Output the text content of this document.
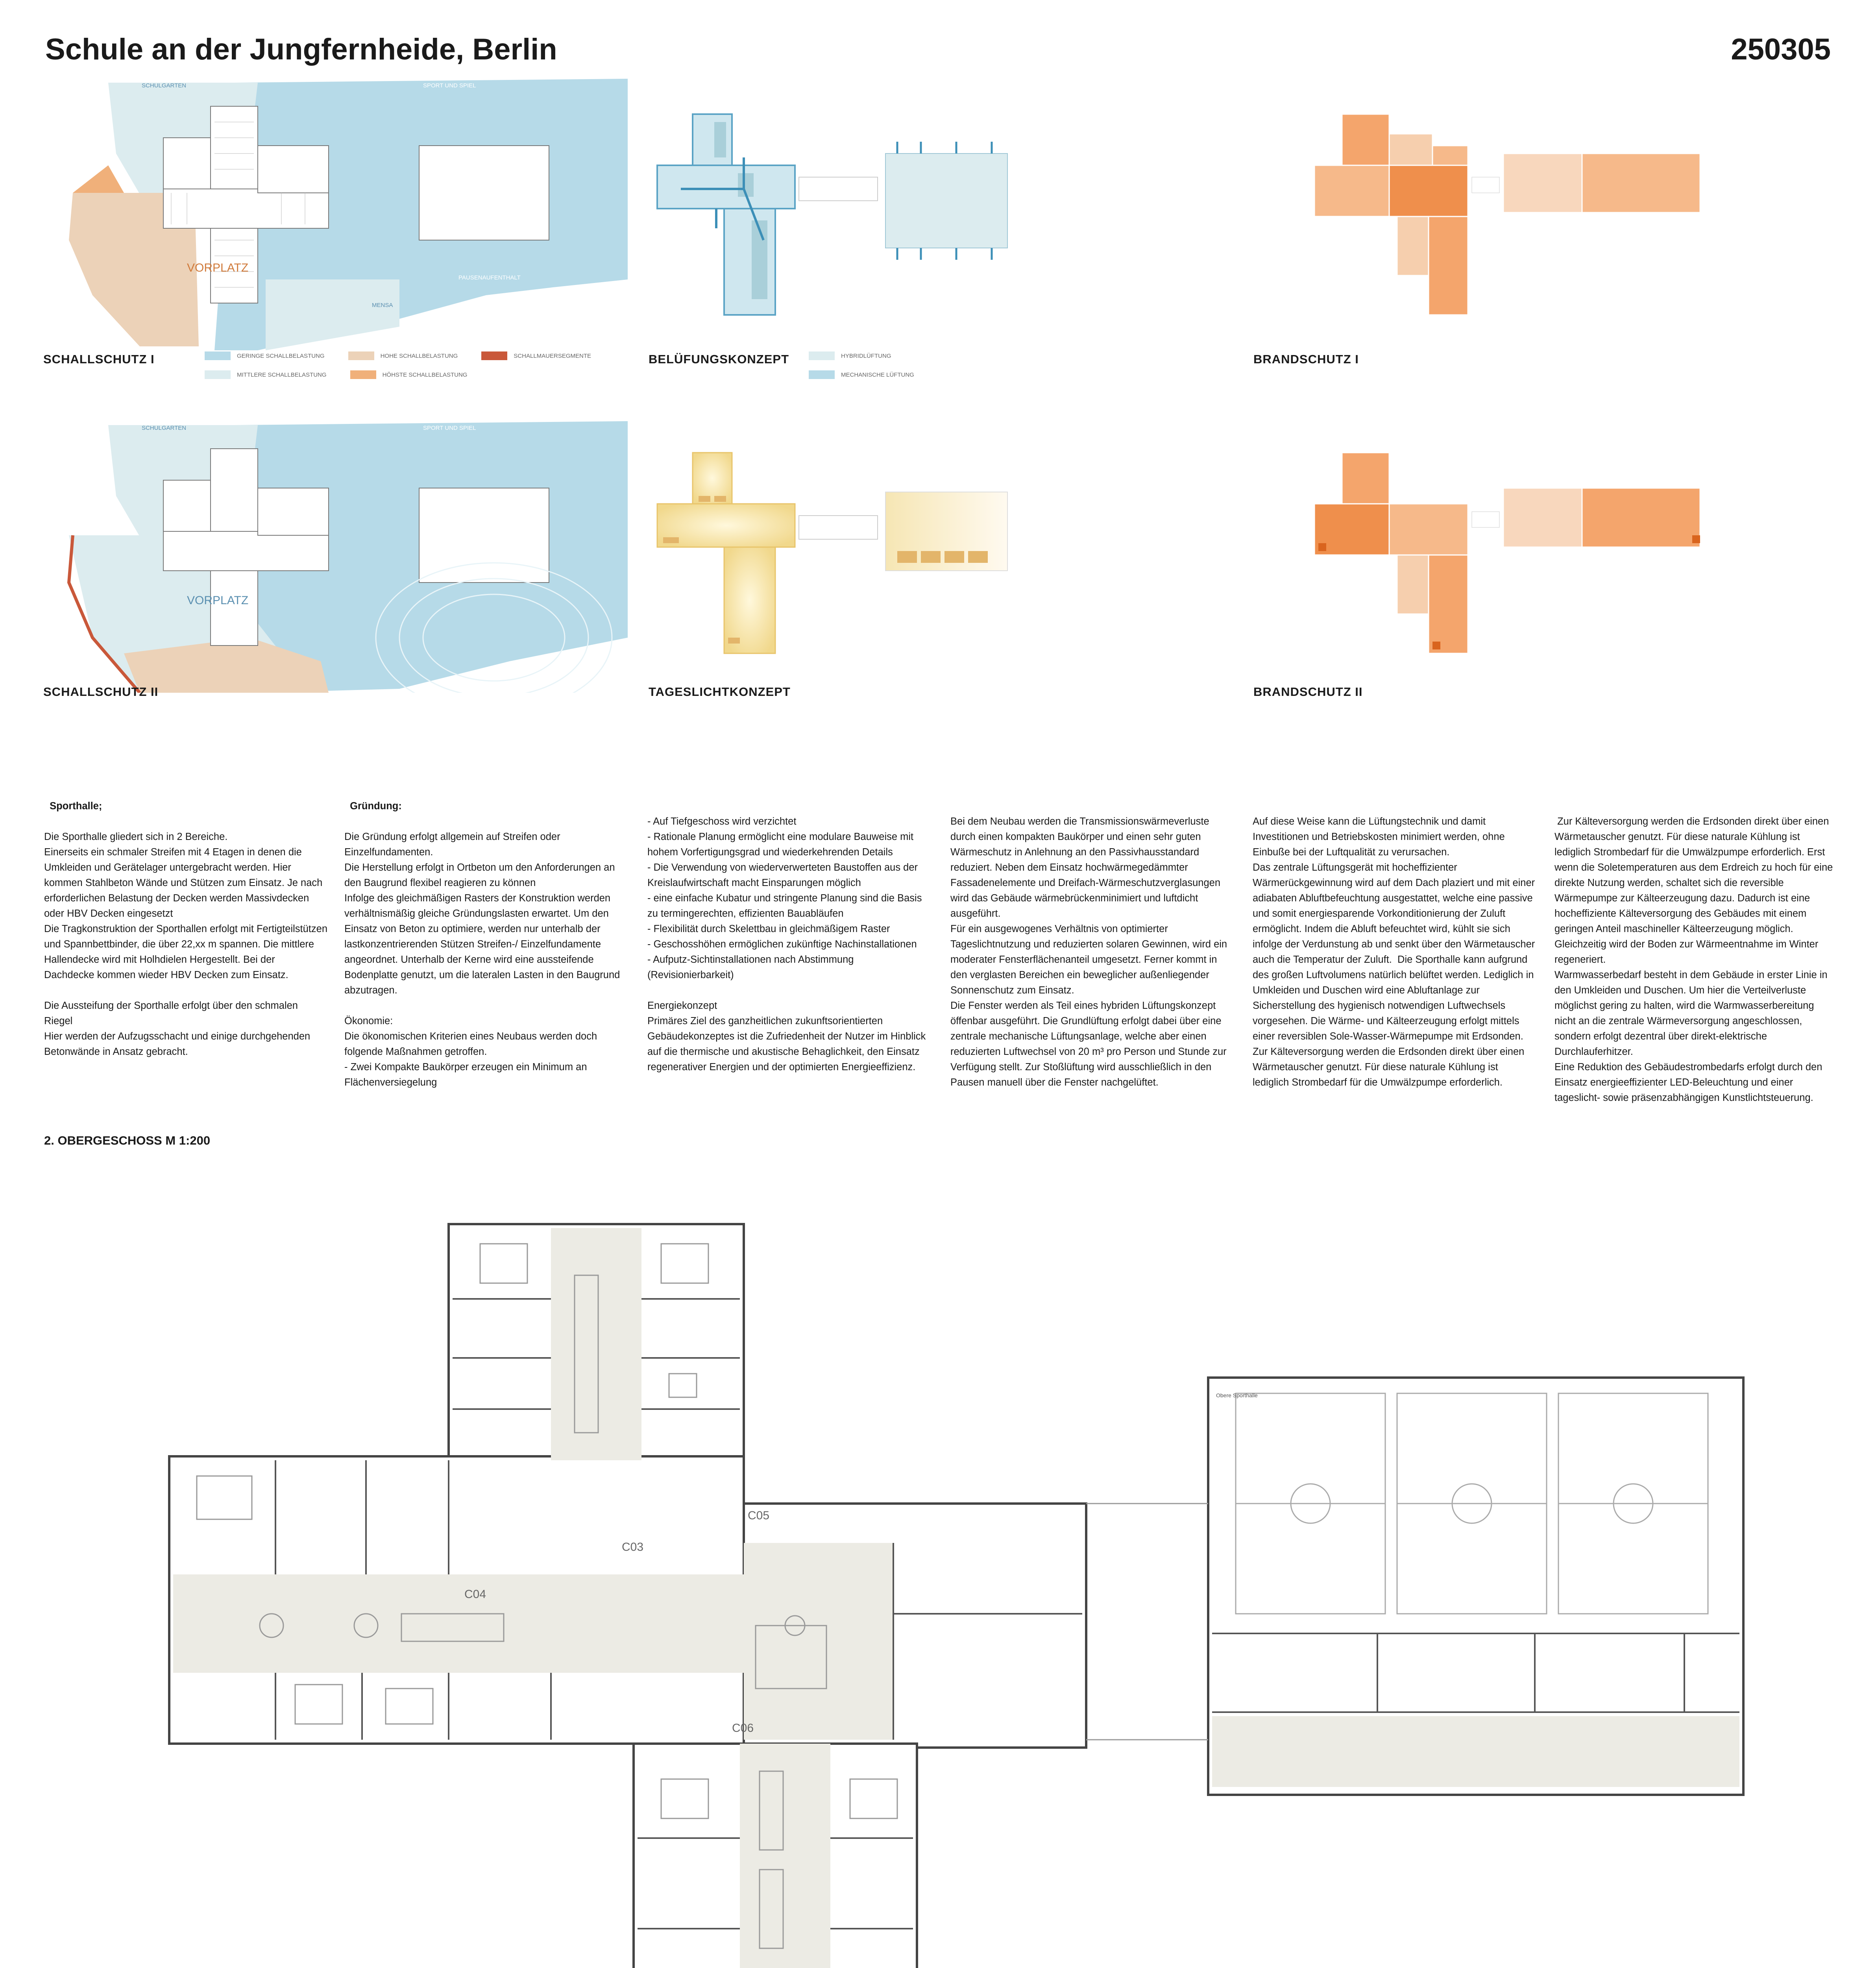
Schule an der Jungfernheide, Berlin	250305
SCHULGARTEN	SPORT UND SPIEL
VORPLATZ
PAUSENAUFENTHALT
MENSA
SCHALLSCHUTZ I	GERINGE SCHALLBELASTUNG	HOHE SCHALLBELASTUNG	SCHALLMAUERSEGMENTE
MITTLERE SCHALLBELASTUNG	HÖHSTE SCHALLBELASTUNG
BELÜFUNGSKONZEPT	HYBRIDLÜFTUNG
MECHANISCHE LÜFTUNG
BRANDSCHUTZ I
SCHULGARTEN	SPORT UND SPIEL
VORPLATZ
SCHALLSCHUTZ II	TAGESLICHTKONZEPT	BRANDSCHUTZ II

Sporthalle;

Die Sporthalle gliedert sich in 2 Bereiche.
Einerseits ein schmaler Streifen mit 4 Etagen in denen die Umkleiden und Gerätelager untergebracht werden. Hier kommen Stahlbeton Wände und Stützen zum Einsatz. Je nach erforderlichen Belastung der Decken werden Massivdecken oder HBV Decken eingesetzt
Die Tragkonstruktion der Sporthallen erfolgt mit Fertigteilstützen und Spannbettbinder, die über 22,xx m spannen. Die mittlere Hallendecke wird mit Holhdielen Hergestellt. Bei der Dachdecke kommen wieder HBV Decken zum Einsatz.

Die Aussteifung der Sporthalle erfolgt über den schmalen Riegel
Hier werden der Aufzugsschacht und einige durchgehenden Betonwände in Ansatz gebracht.

Gründung:

Die Gründung erfolgt allgemein auf Streifen oder Einzelfundamenten.
Die Herstellung erfolgt in Ortbeton um den Anforderungen an den Baugrund flexibel reagieren zu können
Infolge des gleichmäßigen Rasters der Konstruktion werden verhältnismäßig gleiche Gründungslasten erwartet. Um den Einsatz von Beton zu optimiere, werden nur unterhalb der lastkonzentrierenden Stützen Streifen-/ Einzelfundamente angeordnet. Unterhalb der Kerne wird eine aussteifende Bodenplatte genutzt, um die lateralen Lasten in den Baugrund abzutragen.

Ökonomie:
Die ökonomischen Kriterien eines Neubaus werden doch folgende Maßnahmen getroffen.
- Zwei Kompakte Baukörper erzeugen ein Minimum an Flächenversiegelung

- Auf Tiefgeschoss wird verzichtet
- Rationale Planung ermöglicht eine modulare Bauweise mit hohem Vorfertigungsgrad und wiederkehrenden Details
- Die Verwendung von wiederverwerteten Baustoffen aus der Kreislaufwirtschaft macht Einsparungen möglich
- eine einfache Kubatur und stringente Planung sind die Basis zu termingerechten, effizienten Bauabläufen
- Flexibilität durch Skelettbau in gleichmäßigem Raster
- Geschosshöhen ermöglichen zukünftige Nachinstallationen
- Aufputz-Sichtinstallationen nach Abstimmung (Revisionierbarkeit)

Energiekonzept
Primäres Ziel des ganzheitlichen zukunftsorientierten Gebäudekonzeptes ist die Zufriedenheit der Nutzer im Hinblick auf die thermische und akustische Behaglichkeit, den Einsatz regenerativer Energien und der optimierten Energieeffizienz.

Bei dem Neubau werden die Transmissionswärmeverluste durch einen kompakten Baukörper und einen sehr guten Wärmeschutz in Anlehnung an den Passivhausstandard reduziert. Neben dem Einsatz hochwärmegedämmter Fassadenelemente und Dreifach-Wärmeschutzverglasungen wird das Gebäude wärmebrückenminimiert und luftdicht ausgeführt.
Für ein ausgewogenes Verhältnis von optimierter Tageslichtnutzung und reduzierten solaren Gewinnen, wird ein moderater Fensterflächenanteil umgesetzt. Ferner kommt in den verglasten Bereichen ein beweglicher außenliegender Sonnenschutz zum Einsatz.
Die Fenster werden als Teil eines hybriden Lüftungskonzept öffenbar ausgeführt. Die Grundlüftung erfolgt dabei über eine zentrale mechanische Lüftungsanlage, welche aber einen reduzierten Luftwechsel von 20 m³ pro Person und Stunde zur Verfügung stellt. Zur Stoßlüftung wird ausschließlich in den Pausen manuell über die Fenster nachgelüftet.

Auf diese Weise kann die Lüftungstechnik und damit Investitionen und Betriebskosten minimiert werden, ohne Einbuße bei der Luftqualität zu verursachen.
Das zentrale Lüftungsgerät mit hocheffizienter Wärmerückgewinnung wird auf dem Dach plaziert und mit einer adiabaten Abluftbefeuchtung ausgestattet, welche eine passive und somit energiesparende Vorkonditionierung der Zuluft ermöglicht. Indem die Abluft befeuchtet wird, kühlt sie sich infolge der Verdunstung ab und senkt über den Wärmetauscher auch die Temperatur der Zuluft.  Die Sporthalle kann aufgrund des großen Luftvolumens natürlich belüftet werden. Lediglich in Umkleiden und Duschen wird eine Abluftanlage zur Sicherstellung des hygienisch notwendigen Luftwechsels vorgesehen. Die Wärme- und Kälteerzeugung erfolgt mittels einer reversiblen Sole-Wasser-Wärmepumpe mit Erdsonden. Zur Kälteversorgung werden die Erdsonden direkt über einen Wärmetauscher genutzt. Für diese naturale Kühlung ist lediglich Strombedarf für die Umwälzpumpe erforderlich.

Zur Kälteversorgung werden die Erdsonden direkt über einen Wärmetauscher genutzt. Für diese naturale Kühlung ist lediglich Strombedarf für die Umwälzpumpe erforderlich. Erst wenn die Soletemperaturen aus dem Erdreich zu hoch für eine direkte Nutzung werden, schaltet sich die reversible Wärmepumpe zur Kälteerzeugung dazu. Dadurch ist eine hocheffiziente Kälteversorgung des Gebäudes mit einem geringen Anteil maschineller Kälteerzeugung möglich. Gleichzeitig wird der Boden zur Wärmeentnahme im Winter regeneriert.
Warmwasserbedarf besteht in dem Gebäude in erster Linie in den Umkleiden und Duschen. Um hier die Verteilverluste möglichst gering zu halten, wird die Warmwasserbereitung nicht an die zentrale Wärmeversorgung angeschlossen, sondern erfolgt dezentral über direkt-elektrische Durchlauferhitzer.
Eine Reduktion des Gebäudestrombedarfs erfolgt durch den Einsatz energieeffizienter LED-Beleuchtung und einer tageslicht- sowie präsenzabhängigen Kunstlichtsteuerung.

2. OBERGESCHOSS M 1:200
C03
C04
C05
C06
Obere Sporthalle
